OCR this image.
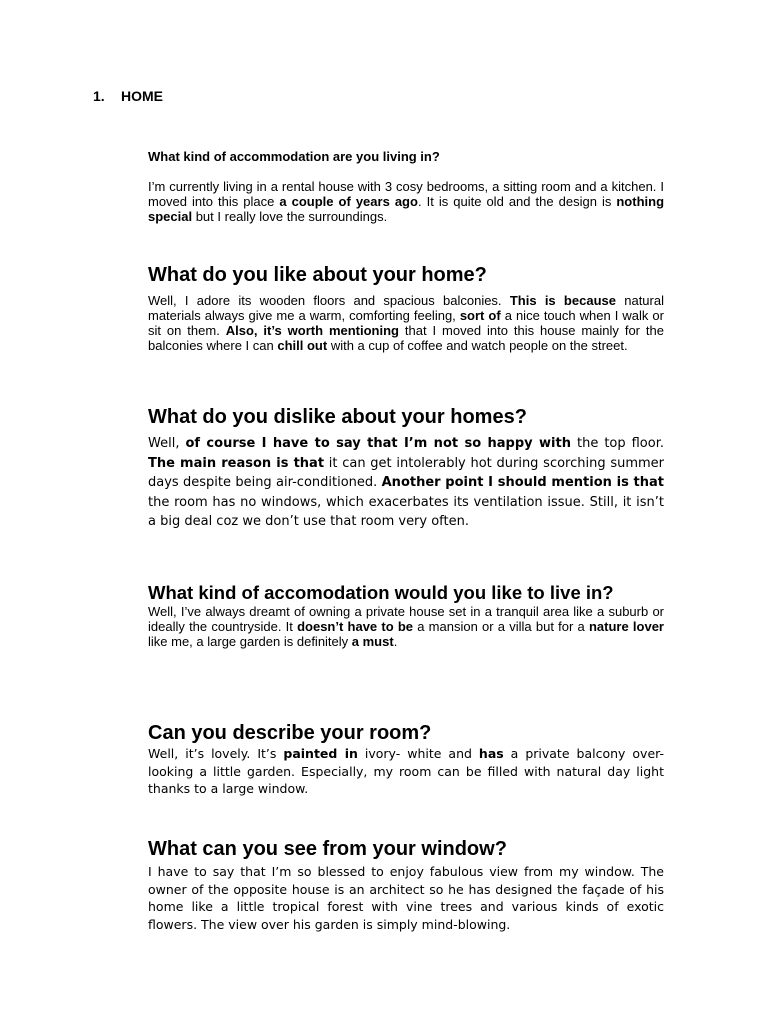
1. HOME
What kind of accommodation are you living in?

I’m currently living in a rental house with 3 cosy bedrooms, a sitting room and a kitchen. I moved into this place a couple of years ago. It is quite old and the design is nothing special but I really love the surroundings.

What do you like about your home?

Well, I adore its wooden floors and spacious balconies. This is because natural materials always give me a warm, comforting feeling, sort of a nice touch when I walk or sit on them. Also, it’s worth mentioning that I moved into this house mainly for the balconies where I can chill out with a cup of coffee and watch people on the street.

What do you dislike about your homes?

Well, of course I have to say that I’m not so happy with the top floor. The main reason is that it can get intolerably hot during scorching summer days despite being air-conditioned. Another point I should mention is that the room has no windows, which exacerbates its ventilation issue. Still, it isn’t a big deal coz we don’t use that room very often.

What kind of accomodation would you like to live in?

Well, I’ve always dreamt of owning a private house set in a tranquil area like a suburb or ideally the countryside. It doesn’t have to be a mansion or a villa but for a nature lover like me, a large garden is definitely a must.

Can you describe your room?

Well, it’s lovely. It’s painted in ivory- white and has a private balcony over-looking a little garden. Especially, my room can be filled with natural day light thanks to a large window.

What can you see from your window?

I have to say that I’m so blessed to enjoy fabulous view from my window. The owner of the opposite house is an architect so he has designed the façade of his home like a little tropical forest with vine trees and various kinds of exotic flowers. The view over his garden is simply mind-blowing.
